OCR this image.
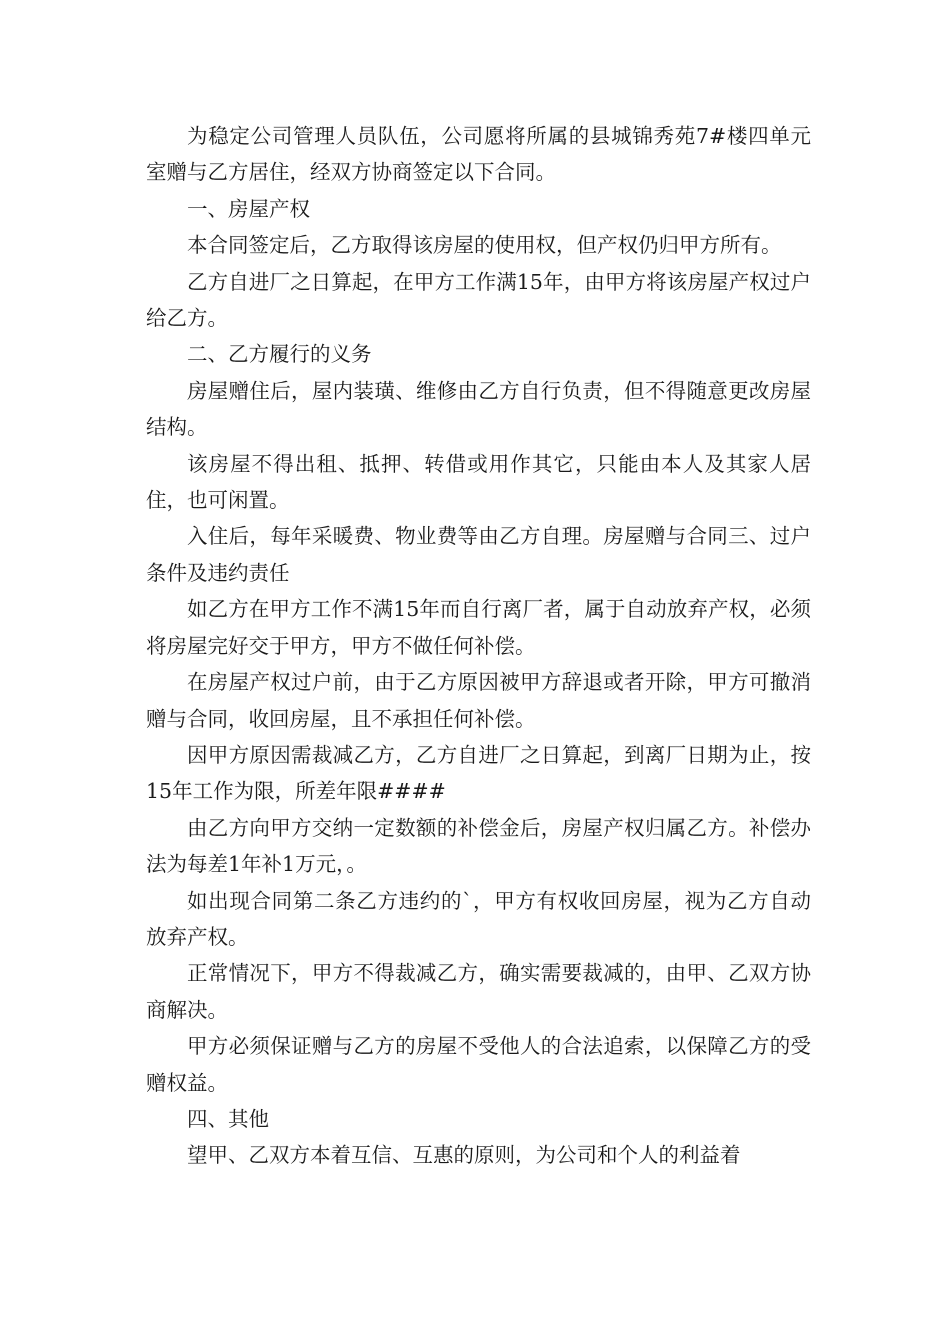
为稳定公司管理人员队伍，公司愿将所属的县城锦秀苑7#楼四单元室赠与乙方居住，经双方协商签定以下合同。

一、房屋产权

本合同签定后，乙方取得该房屋的使用权，但产权仍归甲方所有。

乙方自进厂之日算起，在甲方工作满15年，由甲方将该房屋产权过户给乙方。

二、乙方履行的义务

房屋赠住后，屋内装璜、维修由乙方自行负责，但不得随意更改房屋结构。

该房屋不得出租、抵押、转借或用作其它，只能由本人及其家人居住，也可闲置。

入住后，每年采暖费、物业费等由乙方自理。房屋赠与合同三、过户条件及违约责任

如乙方在甲方工作不满15年而自行离厂者，属于自动放弃产权，必须将房屋完好交于甲方，甲方不做任何补偿。

在房屋产权过户前，由于乙方原因被甲方辞退或者开除，甲方可撤消赠与合同，收回房屋，且不承担任何补偿。

因甲方原因需裁减乙方，乙方自进厂之日算起，到离厂日期为止，按15年工作为限，所差年限####

由乙方向甲方交纳一定数额的补偿金后，房屋产权归属乙方。补偿办法为每差1年补1万元，。

如出现合同第二条乙方违约的`，甲方有权收回房屋，视为乙方自动放弃产权。

正常情况下，甲方不得裁减乙方，确实需要裁减的，由甲、乙双方协商解决。

甲方必须保证赠与乙方的房屋不受他人的合法追索，以保障乙方的受赠权益。

四、其他

望甲、乙双方本着互信、互惠的原则，为公司和个人的利益着
